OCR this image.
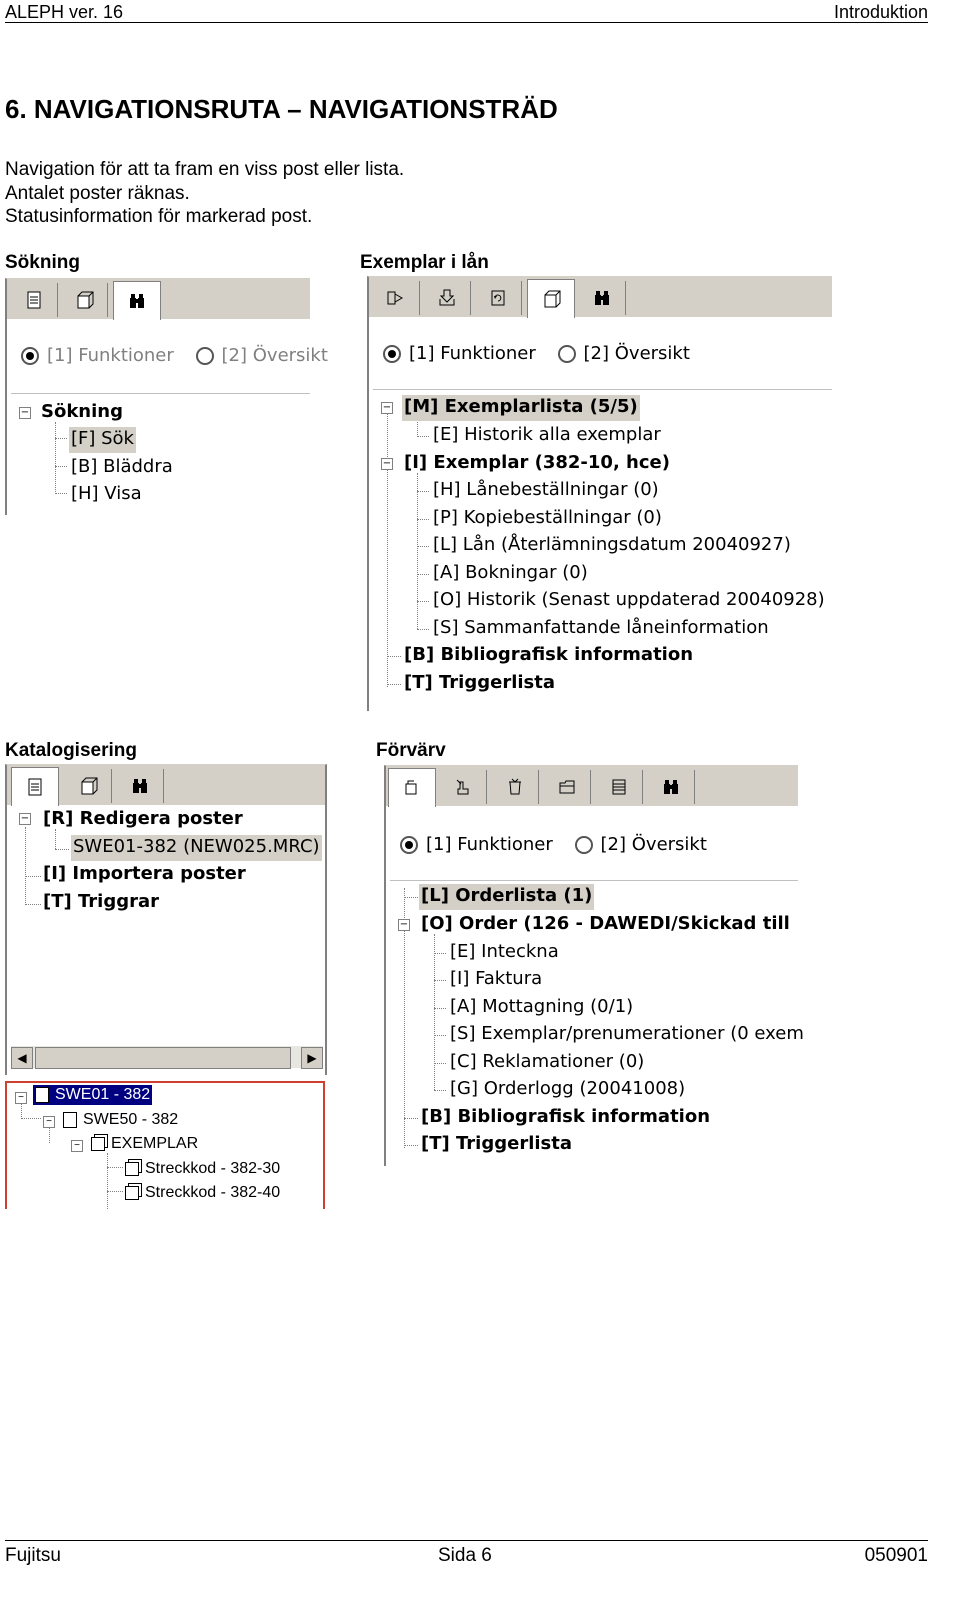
ALEPH ver. 16	Introduktion
6. NAVIGATIONSRUTA – NAVIGATIONSTRÄD
Navigation för att ta fram en viss post eller lista.
Antalet poster räknas.
Statusinformation för markerad post.
Sökning	Exemplar i lån
Katalogisering	Förvärv
[1] Funktioner
	[2] Översikt
− Sökning
[F] Sök
[B] Bläddra
[H] Visa
[1] Funktioner
	[2] Översikt
−
−
[M] Exemplarlista (5/5)
[E] Historik alla exemplar
[I] Exemplar (382-10, hce)
[H] Lånebeställningar (0)
[P] Kopiebeställningar (0)
[L] Lån (Återlämningsdatum 20040927)
[A] Bokningar (0)
[O] Historik (Senast uppdaterad 20040928)
[S] Sammanfattande låneinformation
[B] Bibliografisk information
[T] Triggerlista
− [R] Redigera poster
SWE01-382 (NEW025.MRC)
[I] Importera poster
[T] Triggrar
◀	▶
−
−
−
SWE01 - 382
SWE50 - 382
EXEMPLAR
Streckkod - 382-30
Streckkod - 382-40
[1] Funktioner
	[2] Översikt
−
[L] Orderlista (1)
[O] Order (126 - DAWEDI/Skickad till
[E] Inteckna
[I] Faktura
[A] Mottagning (0/1)
[S] Exemplar/prenumerationer (0 exem
[C] Reklamationer (0)
[G] Orderlogg (20041008)
[B] Bibliografisk information
[T] Triggerlista
Fujitsu	Sida 6	050901
